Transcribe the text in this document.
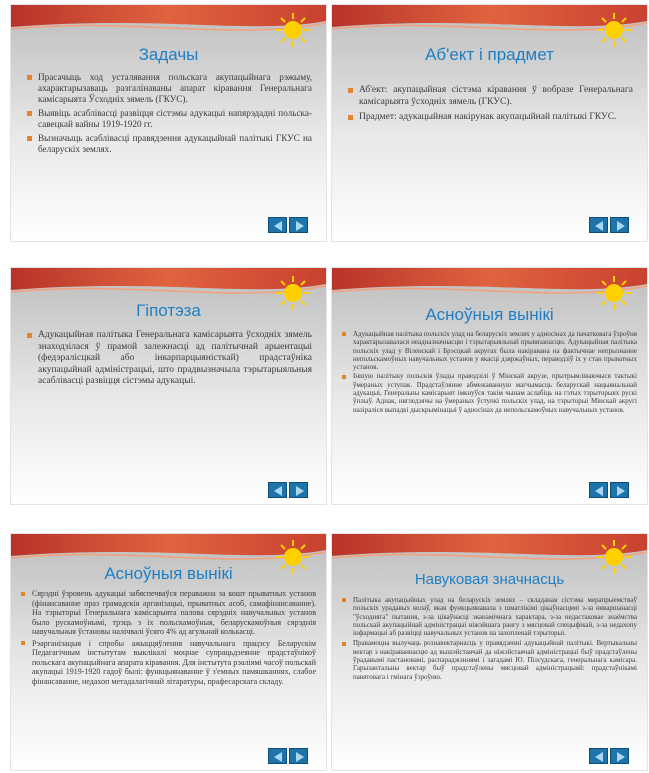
Задачы
Прасачыць ход усталявання польскага акупацыйнага рэжыму, ахарактарызаваць разгалінаваны апарат кіравання Генеральнага камісарыята Ўсходніх зямель (ГКУС).
Выявіць асаблівасці развіцця сістэмы адукацыі напярэдадні польска-савецкай вайны 1919-1920 гг.
Вызначыць асаблівасці правядзення адукацыйнай палітыкі ГКУС на беларускіх землях.
Аб'ект і прадмет
Аб'ект: акупацыйная сістэма кіравання ў вобразе Генеральнага камісарыята ўсходніх зямель (ГКУС).
Прадмет: адукацыйная накірунак акупацыйнай палітыкі ГКУС.
Гіпотэза
Адукацыйная палітыка Генеральнага камісарыята ўсходніх зямель знаходзілася ў прамой залежнасці ад палітычнай арыентацыі (федэралісцкай або інкарпарцыяністкай) прадстаўніка акупацыйнай адміністрацыі, што прадвызначыла тэрытарыяльныя асаблівасці развіцця сістэмы адукацыі.
Асноўныя вынікі
Адукацыйная палітыка польскіх улад на беларускіх землях у адносінах да пачатковага ўзроўня характарызавалася неадназначнасцю і тэрытарыяльнай прывязанасцю. Адукацыйная палітыка польскіх улад у Віленскай і Брэсцкай акругах была накіравана на фактычнае непрызнанне непольскамоўных навучальных установ у якасці дзяржаўных, пераводзіў іх у стан прыватных установ.
Іншую палітыку польскія ўлады праводзілі ў Мінскай акрузе, прытрымліваючыся тактыкі ўмераных уступак. Прадстаўлянне абмежаванную магчымасць беларускай нацыянальнай адукацыі, Генеральны камісарыят імкнуўся такім чынам аслабіць на гэтых тэрыторыях рускі ўплыў. Аднак, нягледзячы на ўмераных ўступкі польскіх улад, на тэрыторыі Мінскай акругі назіраліся выпадкі дыскрымінацыі ў адносінах да непольскамоўных навучальных установ.
Асноўныя вынікі
Сярэдні ўзровень адукацыі забяспечваўся пераважна за кошт прыватных установ (фінансаванне праз грамадскія арганізацыі, прыватных асоб, самафінансаванне). На тэрыторыі Генеральнага камісарыята палова сярэдніх навучальных установ было рускамоўнымі, трэць з іх польскамоўныя, беларускамоўныя сярэднія навучальныя ўстановы налічвалі ўсяго 4% ад агульнай колькасці.
Рэарганізацыя і спробы ажыццяўлення навучальнага працэсу Беларускім Педагагічным інстытутам выклікалі моцнае супрацьдзеянне прадстаўнікоў польскага акупацыйнага апарата кіравання. Для інстытута рэаліямі часоў польскай акупацыі 1919-1920 гадоў былі: функцыянаванне ў з'емных памяшканнях, слабое фінансаванне, недахоп метадалагічнай літаратуры, прафесарскага складу.
Навуковая значнасць
Палітыка акупацыйных улад на беларускіх землях – складаная сістэма мерапрыемстваў польскіх урадавых колаў, якая функцыянавала з шматлікімі цікаўнасцямі з-за няваршанасці "ўсходняга" пытання, з-за цікаўнасці эканамічнага характара, з-за недастаковае знаёмства польскай акупацыйнай адміністрацыі ніжэйшага рангу з мясцовай спецыфікай, з-за недахопу інфармацыі аб развіцці навучальных установ на захопленай тэрыторыі.
Правамоцна вылучаць рознавектарнасць у правядзенні адукацыйнай палітыкі. Вертыкальны вектар з накіраваннасцю ад вышэйстаячай да ніжэйстаячай адміністрацыі быў прадстаўлены ўрадавымі пастановамі, распараджэннямі і загадамі Ю. Пілсудскага, генеральнага камісара. Гарызантальны вектар быў прадстаўлены мясцовай адміністрацыяй: прадстаўнікамі павятовага і гмінага ўзроўню.
